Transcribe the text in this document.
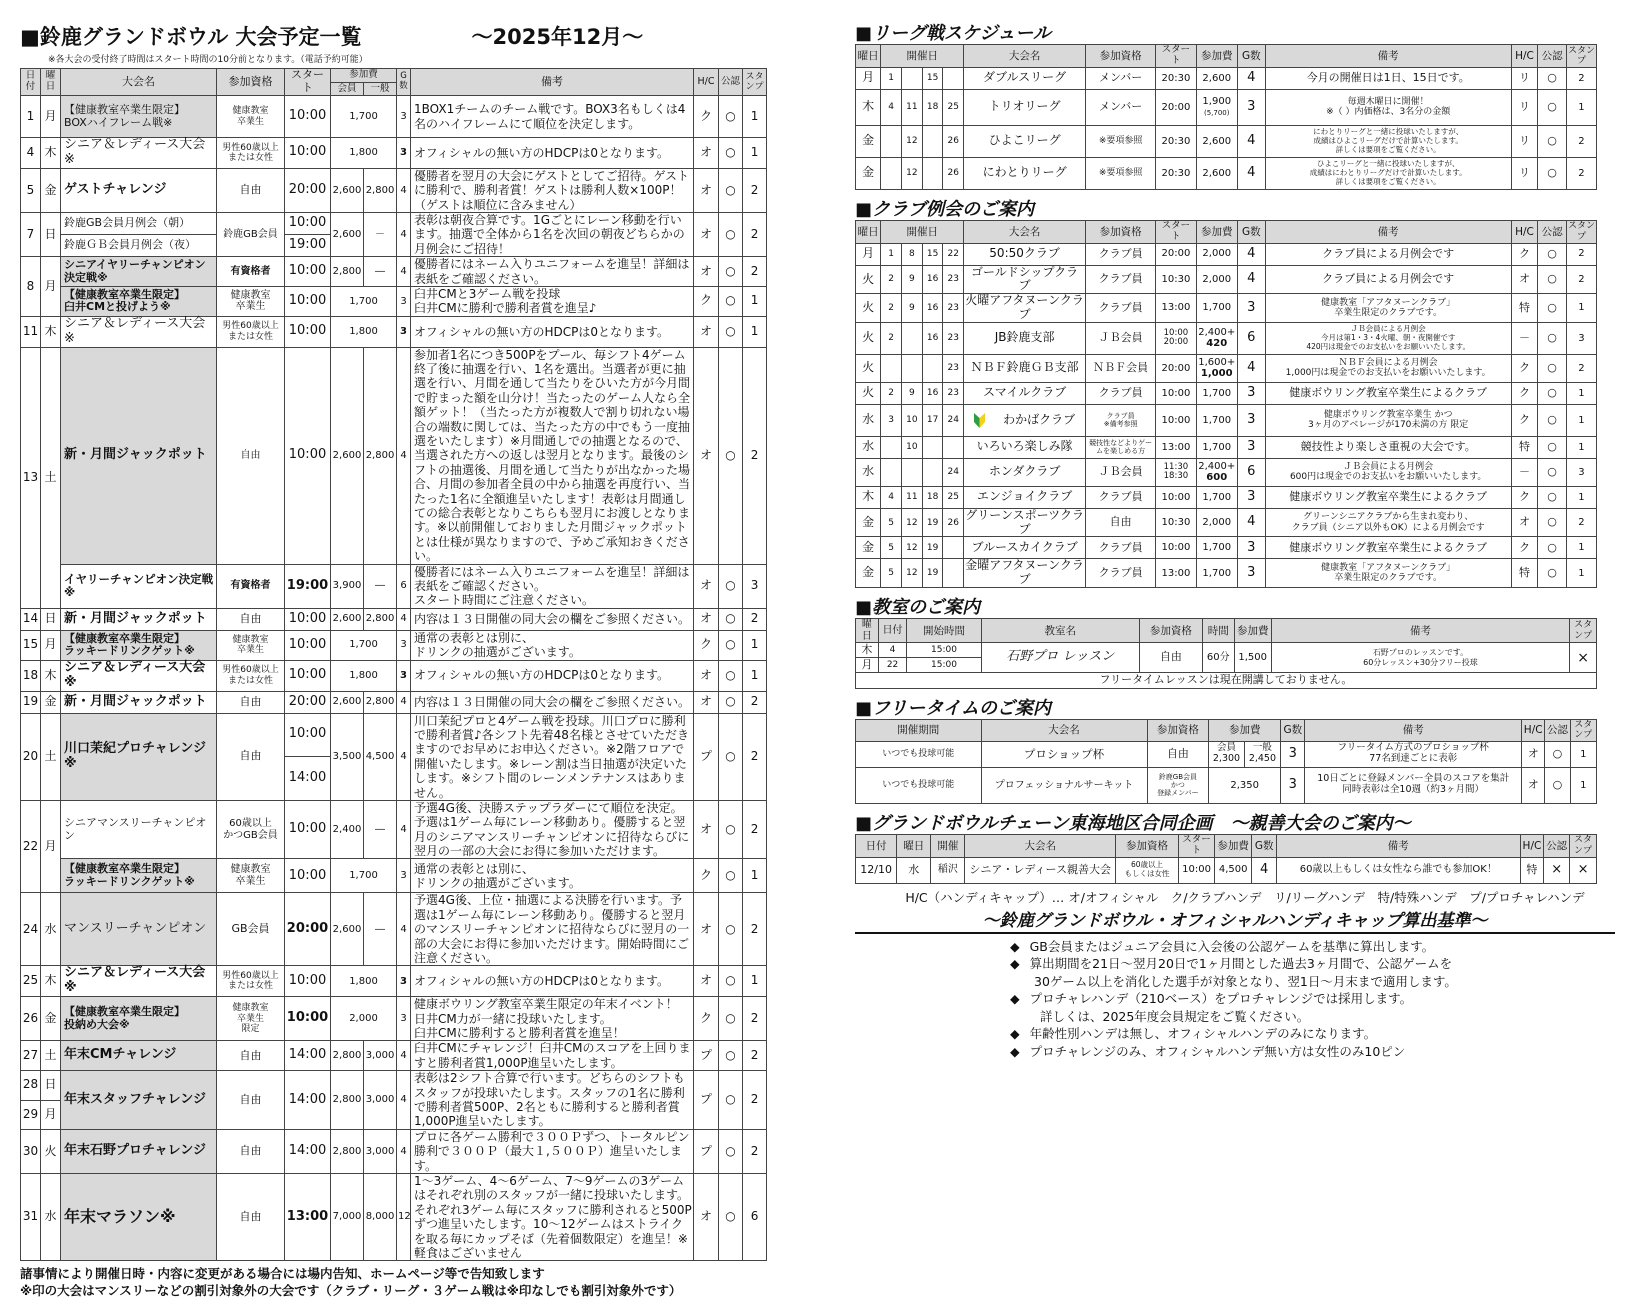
■鈴鹿グランドボウル 大会予定一覧	～2025年12月～
※各大会の受付終了時間はスタート時間の10分前となります。（電話予約可能）
日付	曜日	大会名	参加資格	スタート	参加費		G数	備考	H/C	公認	スタンプ
					会員	一般					
1	月	【健康教室卒業生限定】
BOXハイフレーム戦※	健康教室
卒業生	10:00	1,700		3	1BOX1チームのチーム戦です。BOX3名もしくは4名のハイフレームにて順位を決定します。	ク	○	1
4	木	シニア＆レディース大会※	男性60歳以上
または女性	10:00	1,800		3	オフィシャルの無い方のHDCPは0となります。	オ	○	1
5	金	ゲストチャレンジ	自由	20:00	2,600	2,800	4	優勝者を翌月の大会にゲストとしてご招待。ゲストに勝利で、勝利者賞！ゲストは勝利人数×100P！（ゲストは順位に含みません）	オ	○	2
7	日	鈴鹿GB会員月例会（朝）	鈴鹿GB会員	10:00	2,600	－	4	表彰は朝夜合算です。1Gごとにレーン移動を行います。抽選で全体から1名を次回の朝夜どちらかの月例会にご招待！	オ	○	2
		鈴鹿ＧＢ会員月例会（夜）		19:00							
8	月	シニアイヤリーチャンピオン決定戦※	有資格者	10:00	2,800	―	4	優勝者にはネーム入りユニフォームを進呈！詳細は表紙をご確認ください。	オ	○	2
		【健康教室卒業生限定】
臼井CMと投げよう※	健康教室
卒業生	10:00	1,700		3	臼井CMと3ゲーム戦を投球
臼井CMに勝利で勝利者賞を進呈♪	ク	○	1
11	木	シニア＆レディース大会※	男性60歳以上
または女性	10:00	1,800		3	オフィシャルの無い方のHDCPは0となります。	オ	○	1
13	土	新・月間ジャックポット	自由	10:00	2,600	2,800	4	参加者1名につき500Pをプール、毎シフト4ゲーム終了後に抽選を行い、1名を選出。当選者が更に抽選を行い、月間を通して当たりをひいた方が今月間で貯まった額を山分け！当たったのゲーム人なら全額ゲット！（当たった方が複数人で割り切れない場合の端数に関しては、当たった方の中でもう一度抽選をいたします）※月間通しでの抽選となるので、当選された方への返しは翌月となります。最後のシフトの抽選後、月間を通して当たりが出なかった場合、月間の参加者全員の中から抽選を再度行い、当たった1名に全額進呈いたします！表彰は月間通しての総合表彰となりこちらも翌月にお渡しとなります。※以前開催しておりました月間ジャックポットとは仕様が異なりますので、予めご承知おきください。	オ	○	2
		イヤリーチャンピオン決定戦※	有資格者	19:00	3,900	―	6	優勝者にはネーム入りユニフォームを進呈！詳細は表紙をご確認ください。
スタート時間にご注意ください。	オ	○	3
14	日	新・月間ジャックポット	自由	10:00	2,600	2,800	4	内容は１３日開催の同大会の欄をご参照ください。	オ	○	2
15	月	【健康教室卒業生限定】
ラッキードリンクゲット※	健康教室
卒業生	10:00	1,700		3	通常の表彰とは別に、
ドリンクの抽選がございます。	ク	○	1
18	木	シニア＆レディース大会※	男性60歳以上
または女性	10:00	1,800		3	オフィシャルの無い方のHDCPは0となります。	オ	○	1
19	金	新・月間ジャックポット	自由	20:00	2,600	2,800	4	内容は１３日開催の同大会の欄をご参照ください。	オ	○	2
20	土	川口茉紀プロチャレンジ※	自由	10:00	3,500	4,500	4	川口茉紀プロと4ゲーム戦を投球。川口プロに勝利で勝利者賞♪各シフト先着48名様とさせていただきますのでお早めにお申込ください。※2階フロアで開催いたします。※レーン割は当日抽選が決定いたします。※シフト間のレーンメンテナンスはありません。	プ	○	2
				14:00							
22	月	シニアマンスリーチャンピオン	60歳以上
かつGB会員	10:00	2,400	―	4	予選4G後、決勝ステップラダーにて順位を決定。予選は1ゲーム毎にレーン移動あり。優勝すると翌月のシニアマンスリーチャンピオンに招待ならびに翌月の一部の大会にお得に参加いただけます。	オ	○	2
		【健康教室卒業生限定】
ラッキードリンクゲット※	健康教室
卒業生	10:00	1,700		3	通常の表彰とは別に、
ドリンクの抽選がございます。	ク	○	1
24	水	マンスリーチャンピオン	GB会員	20:00	2,600	―	4	予選4G後、上位・抽選による決勝を行います。予選は1ゲーム毎にレーン移動あり。優勝すると翌月のマンスリーチャンピオンに招待ならびに翌月の一部の大会にお得に参加いただけます。開始時間にご注意ください。	オ	○	2
25	木	シニア＆レディース大会※	男性60歳以上
または女性	10:00	1,800		3	オフィシャルの無い方のHDCPは0となります。	オ	○	1
26	金	【健康教室卒業生限定】
投納め大会※	健康教室
卒業生
限定	10:00	2,000		3	健康ボウリング教室卒業生限定の年末イベント！
日井CM力が一緒に投球いたします。
臼井CMに勝利すると勝利者賞を進呈！	ク	○	2
27	土	年末CMチャレンジ	自由	14:00	2,800	3,000	4	臼井CMにチャレンジ！臼井CMのスコアを上回りますと勝利者賞1,000P進呈いたします。	プ	○	2
28	日	年末スタッフチャレンジ	自由	14:00	2,800	3,000	4	表彰は2シフト合算で行います。どちらのシフトもスタッフが投球いたします。スタッフの1名に勝利で勝利者賞500P、2名ともに勝利すると勝利者賞1,000P進呈いたします。	プ	○	2
29	月										
30	火	年末石野プロチャレンジ	自由	14:00	2,800	3,000	4	プロに各ゲーム勝利で３００Ｐずつ、トータルピン勝利で３００Ｐ（最大１,５００Ｐ）進呈いたします。	プ	○	2
31	水	年末マラソン※	自由	13:00	7,000	8,000	12	1～3ゲーム、4～6ゲーム、7～9ゲームの3ゲームはそれぞれ別のスタッフが一緒に投球いたします。それぞれ3ゲーム毎にスタッフに勝利されると500Pずつ進呈いたします。10～12ゲームはストライクを取る毎にカップそば（先着個数限定）を進呈！※軽食はございません	オ	○	6
諸事情により開催日時・内容に変更がある場合には場内告知、ホームページ等で告知致します
※印の大会はマンスリーなどの割引対象外の大会です（クラブ・リーグ・３ゲーム戦は※印なしでも割引対象外です）
■リーグ戦スケジュール
曜日	開催日				大会名	参加資格	スタート	参加費	G数	備考	H/C	公認	スタンプ
月	1		15		ダブルスリーグ	メンバー	20:30	2,600	4	今月の開催日は1日、15日です。	リ	○	2
木	4	11	18	25	トリオリーグ	メンバー	20:00	1,900
(5,700)	3	毎週木曜日に開催！
※（ ）内価格は、3名分の金額	リ	○	1
金		12		26	ひよこリーグ	※要項参照	20:30	2,600	4	にわとりリーグと一緒に投球いたしますが、
成績はひよこリーグだけで計算いたします。
詳しくは要項をご覧ください。	リ	○	2
金		12		26	にわとりリーグ	※要項参照	20:30	2,600	4	ひよこリーグと一緒に投球いたしますが、
成績はにわとりリーグだけで計算いたします。
詳しくは要項をご覧ください。	リ	○	2
■クラブ例会のご案内
曜日	開催日				大会名	参加資格	スタート	参加費	G数	備考	H/C	公認	スタンプ
月	1	8	15	22	50:50クラブ	クラブ員	20:00	2,000	4	クラブ員による月例会です	ク	○	2
火	2	9	16	23	ゴールドシップクラブ	クラブ員	10:30	2,000	4	クラブ員による月例会です	オ	○	2
火	2	9	16	23	火曜アフタヌーンクラブ	クラブ員	13:00	1,700	3	健康教室「アフタヌーンクラブ」
卒業生限定のクラブです。	特	○	1
火	2		16	23	JB鈴鹿支部	ＪＢ会員	10:00
20:00	2,400+
420	6	ＪＢ会員による月例会
今月は第1・3・4火曜、朝・夜開催です
420円は現金でのお支払いをお願いいたします。	－	○	3
火				23	ＮＢＦ鈴鹿ＧＢ支部	ＮＢＦ会員	20:00	1,600+
1,000	4	ＮＢＦ会員による月例会
1,000円は現金でのお支払いをお願いいたします。	ク	○	2
火	2	9	16	23	スマイルクラブ	クラブ員	10:00	1,700	3	健康ボウリング教室卒業生によるクラブ	ク	○	1
水	3	10	17	24	わかばクラブ	クラブ員
※備考参照	10:00	1,700	3	健康ボウリング教室卒業生 かつ
3ヶ月のアベレージが170未満の方 限定	ク	○	1
水		10			いろいろ楽しみ隊	競技性などよりゲームを楽しめる方	13:00	1,700	3	競技性より楽しさ重視の大会です。	特	○	1
水				24	ホンダクラブ	ＪＢ会員	11:30
18:30	2,400+
600	6	ＪＢ会員による月例会
600円は現金でのお支払いをお願いいたします。	－	○	3
木	4	11	18	25	エンジョイクラブ	クラブ員	10:00	1,700	3	健康ボウリング教室卒業生によるクラブ	ク	○	1
金	5	12	19	26	グリーンスポーツクラブ	自由	10:30	2,000	4	グリーンシニアクラブから生まれ変わり、
クラブ員（シニア以外もOK）による月例会です	オ	○	2
金	5	12	19		ブルースカイクラブ	クラブ員	10:00	1,700	3	健康ボウリング教室卒業生によるクラブ	ク	○	1
金	5	12	19		金曜アフタヌーンクラブ	クラブ員	13:00	1,700	3	健康教室「アフタヌーンクラブ」
卒業生限定のクラブです。	特	○	1
■教室のご案内
曜日	日付	開始時間	教室名	参加資格	時間	参加費	備考	スタンプ
木	4	15:00	石野プロ レッスン	自由	60分	1,500	石野プロのレッスンです。
60分レッスン+30分フリー投球	×
月	22	15:00						
フリータイムレッスンは現在開講しておりません。								
■フリータイムのご案内
開催期間	大会名	参加資格	参加費		G数	備考	H/C	公認	スタンプ
いつでも投球可能	プロショップ杯	自由	会員
2,300	一般
2,450	3	フリータイム方式のプロショップ杯
77名到達ごとに表彰	オ	○	1
いつでも投球可能	プロフェッショナルサーキット	鈴鹿GB会員
かつ
登録メンバー	2,350		3	10日ごとに登録メンバー全員のスコアを集計
同時表彰は全10週（約3ヶ月間）	オ	○	1
■グランドボウルチェーン東海地区合同企画　～親善大会のご案内～
日付	曜日	開催	大会名	参加資格	スタート	参加費	G数	備考	H/C	公認	スタンプ
12/10	水	稲沢	シニア・レディース親善大会	60歳以上
もしくは女性	10:00	4,500	4	60歳以上もしくは女性なら誰でも参加OK！	特	×	×
H/C（ハンディキャップ）… オ/オフィシャル　ク/クラブハンデ　リ/リーグハンデ　特/特殊ハンデ　プ/プロチャレハンデ
～鈴鹿グランドボウル・オフィシャルハンディキャップ算出基準～
◆ GB会員またはジュニア会員に入会後の公認ゲームを基準に算出します。
◆ 算出期間を21日～翌月20日で1ヶ月間とした過去3ヶ月間で、公認ゲームを
30ゲーム以上を消化した選手が対象となり、翌1日～月末まで適用します。
◆ プロチャレハンデ（210ベース）をプロチャレンジでは採用します。
詳しくは、2025年度会員規定をご覧ください。
◆ 年齢性別ハンデは無し、オフィシャルハンデのみになります。
◆ プロチャレンジのみ、オフィシャルハンデ無い方は女性のみ10ピン
